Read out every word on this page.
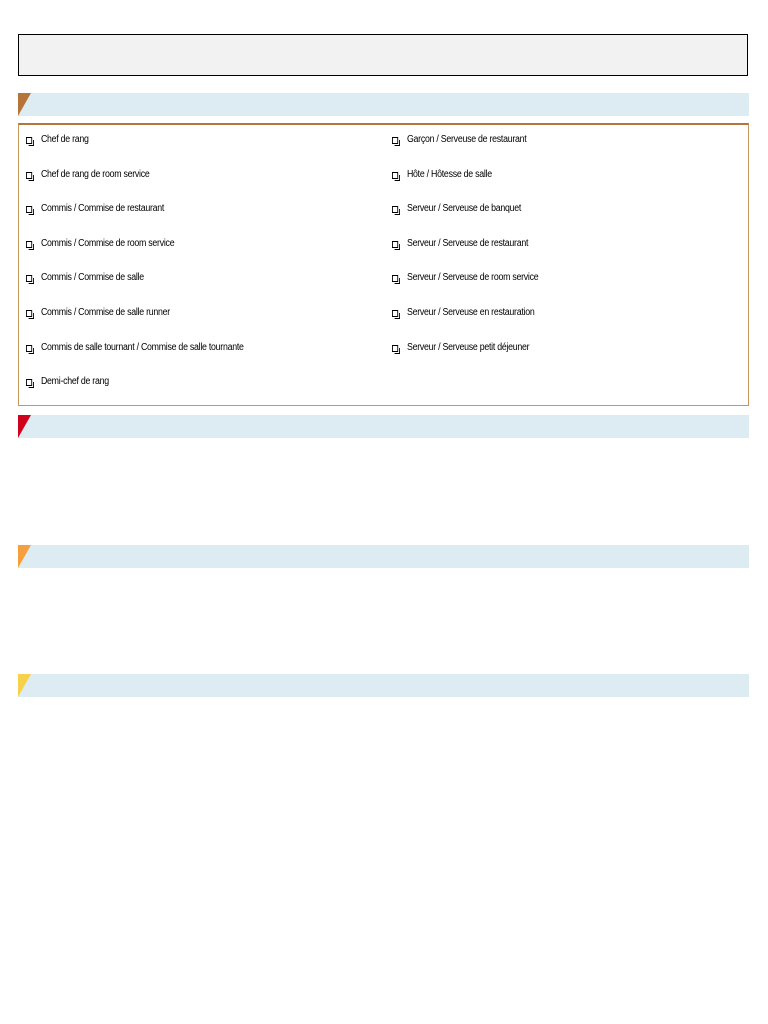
Chef de rang
Chef de rang de room service
Commis / Commise de restaurant
Commis / Commise de room service
Commis / Commise de salle
Commis / Commise de salle runner
Commis de salle tournant / Commise de salle tournante
Demi-chef de rang
Garçon / Serveuse de restaurant
Hôte / Hôtesse de salle
Serveur / Serveuse de banquet
Serveur / Serveuse de restaurant
Serveur / Serveuse de room service
Serveur / Serveuse en restauration
Serveur / Serveuse petit déjeuner
